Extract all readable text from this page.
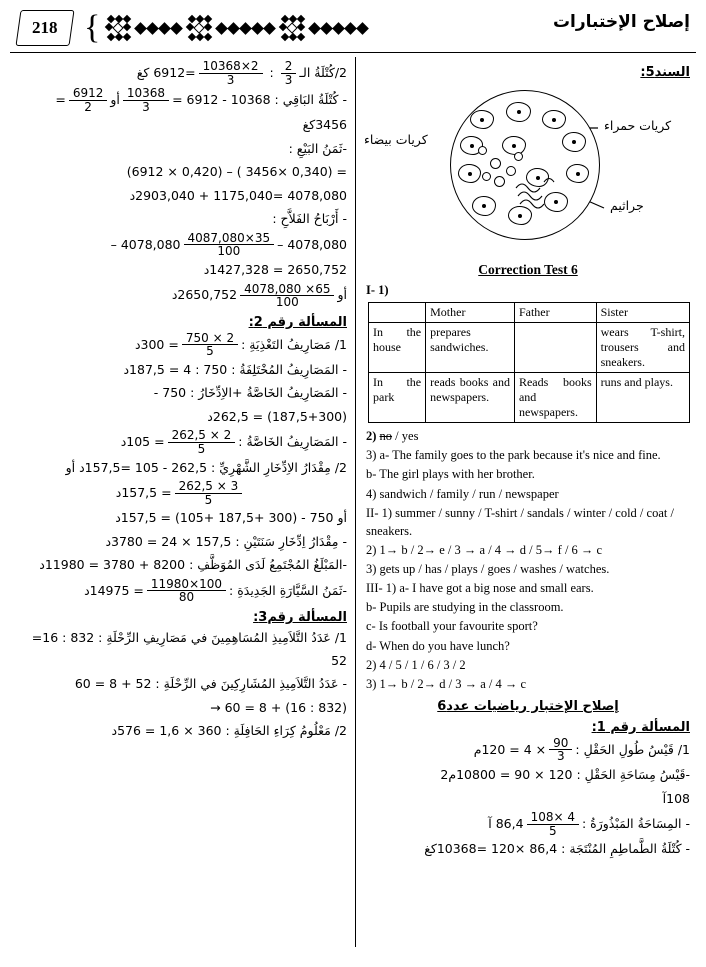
218	إصلاح الإختبارات
}
السند5:
كريات حمراء
كريات بيضاء
جراثيم
Correction Test 6
I- 1)
	Mother	Father	Sister
In the house	prepares sandwiches.		wears T-shirt, trousers and sneakers.
In the park	reads books and newspapers.	Reads books and newspapers.	runs and plays.

2) no / yes

3) a- The family goes to the park because it's nice and fine.

b- The girl plays with her brother.

4) sandwich / family / run / newspaper

II- 1) summer / sunny / T-shirt / sandals / winter / cold / coat / sneakers.

2) 1→ b / 2→ e / 3 → a / 4 → d / 5→ f / 6 → c

3) gets up / has / plays / goes / washes / watches.

III- 1) a- I have got a big nose and small ears.

b- Pupils are studying in the classroom.

c- Is football your favourite sport?

d- When do you have lunch?

2) 4 / 5 / 1 / 6 / 3 / 2

3) 1→ b / 2→ d / 3 → a / 4 → c

إصلاح الإختبار رياضيات عدد6
المسألة رقم 1:
1/ قَيْسُ طُولِ الحَقْلِ :
$\frac{90}{3}$
× 4 = 120م

-قَيْسُ مِسَاحَةِ الحَقْلِ : 120 × 90 = 10800م2

108آ

- المِسَاحَةُ المَبْذُورَةُ :
$\frac{4 \times 108}{5}$
86,4 آ

- كُتْلَةُ الطَّماطِمِ المُنْتَجَة : 86,4 ×120 =10368كغ

2/كُتْلَةُ الـ
$\frac{2}{3}$
:
$\frac{2\times 10368}{3}$
=6912 كغ
- كُتْلَةُ البَاقِي : 10368 - 6912 =
$\frac{10368}{3}$
أو
$\frac{6912}{2}$
=

3456كغ

-ثَمَنُ البَيْعِ :

= (0,340 ×3456 ) – (0,420 × 6912)

4078,080 =1175,040 + 2903,040د

- أَرْبَاحُ الفَلاَّحِ :

4078,080 –
$\frac{35\times 4087,080}{100}$
4078,080 –

2650,752 = 1427,328د

أو
$\frac{65\times 4078,080}{100}$
2650,752د
المسألة رقم 2:
1/ مَصَارِيفُ التَغْذِيَةِ :
$\frac{2 \times 750}{5}$
= 300د

- المَصَارِيفُ المُخْتَلِفَةُ : 750 : 4 = 187,5د

- المَصَارِيفُ الخَاصَّةُ +الاِدِّخَارُ : 750 -

(187,5+300) = 262,5د

- المَصَارِيفُ الخَاصَّةُ :
$\frac{2 \times 262,5}{5}$
= 105د

2/ مِقْدَارُ الاِدِّخَارِ الشَّهْرِيِّ : 262,5 - 105 =157,5د أو

$\frac{3 \times 262,5}{5}$
= 157,5د

أو 750 - (300 +187,5 +105) = 157,5د

- مِقْدَارُ اِدِّخَارِ سَنَتَيْنِ : 157,5 × 24 = 3780د

-المَبْلَغُ المُجْتَمِعُ لَدَى المُوَظَّفِ : 8200 + 3780 = 11980د

-ثَمَنُ السَّيَّارَةِ الجَدِيدَةِ :
$\frac{100\times 11980}{80}$
= 14975د
المسألة رقم3:

1/ عَدَدُ التَّلاَمِيذِ المُسَاهِمِينَ في مَصَارِيفِ الرِّحْلَةِ : 832 : 16= 52

- عَدَدُ التَّلاَمِيذِ المُشَارِكِينَ في الرِّحْلَةِ : 52 + 8 = 60

(832 : 16) + 8 = 60 →

2/ مَعْلُومُ كِرَاءِ الحَافِلَةِ : 360 × 1,6 = 576د
